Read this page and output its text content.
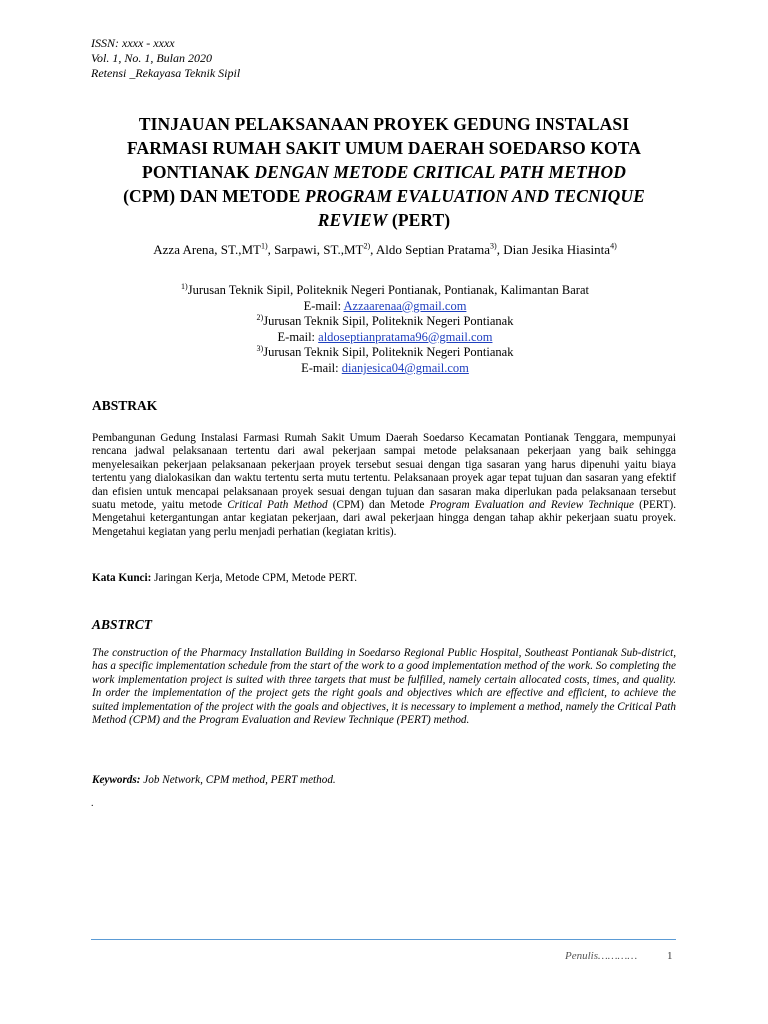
ISSN: xxxx - xxxx
Vol. 1, No. 1, Bulan 2020
Retensi _Rekayasa Teknik Sipil
TINJAUAN PELAKSANAAN PROYEK GEDUNG INSTALASI
FARMASI RUMAH SAKIT UMUM DAERAH SOEDARSO KOTA
PONTIANAK DENGAN METODE CRITICAL PATH METHOD
(CPM) DAN METODE PROGRAM EVALUATION AND TECNIQUE
REVIEW (PERT)
Azza Arena, ST.,MT$^{1)}$, Sarpawi, ST.,MT$^{2)}$, Aldo Septian Pratama$^{3)}$, Dian Jesika Hiasinta$^{4)}$
$^{1)}$Jurusan Teknik Sipil, Politeknik Negeri Pontianak, Pontianak, Kalimantan Barat
E-mail: Azzaarenaa@gmail.com
$^{2)}$Jurusan Teknik Sipil, Politeknik Negeri Pontianak
E-mail: aldoseptianpratama96@gmail.com
$^{3)}$Jurusan Teknik Sipil, Politeknik Negeri Pontianak
E-mail: dianjesica04@gmail.com
ABSTRAK
Pembangunan Gedung Instalasi Farmasi Rumah Sakit Umum Daerah Soedarso Kecamatan Pontianak Tenggara, mempunyai rencana jadwal pelaksanaan tertentu dari awal pekerjaan sampai metode pelaksanaan pekerjaan yang baik sehingga menyelesaikan pekerjaan pelaksanaan pekerjaan proyek tersebut sesuai dengan tiga sasaran yang harus dipenuhi yaitu biaya tertentu yang dialokasikan dan waktu tertentu serta mutu tertentu. Pelaksanaan proyek agar tepat tujuan dan sasaran yang efektif dan efisien untuk mencapai pelaksanaan proyek sesuai dengan tujuan dan sasaran maka diperlukan pada pelaksanaan tersebut suatu metode, yaitu metode Critical Path Method (CPM) dan Metode Program Evaluation and Review Technique (PERT). Mengetahui ketergantungan antar kegiatan pekerjaan, dari awal pekerjaan hingga dengan tahap akhir pekerjaan suatu proyek. Mengetahui kegiatan yang perlu menjadi perhatian (kegiatan kritis).
Kata Kunci: Jaringan Kerja, Metode CPM, Metode PERT.
ABSTRCT
The construction of the Pharmacy Installation Building in Soedarso Regional Public Hospital, Southeast Pontianak Sub-district, has a specific implementation schedule from the start of the work to a good implementation method of the work. So completing the work implementation project is suited with three targets that must be fulfilled, namely certain allocated costs, times, and quality. In order the implementation of the project gets the right goals and objectives which are effective and efficient, to achieve the suited implementation of the project with the goals and objectives, it is necessary to implement a method, namely the Critical Path Method (CPM) and the Program Evaluation and Review Technique (PERT) method.
Keywords: Job Network, CPM method, PERT method.
.
Penulis…………	1
